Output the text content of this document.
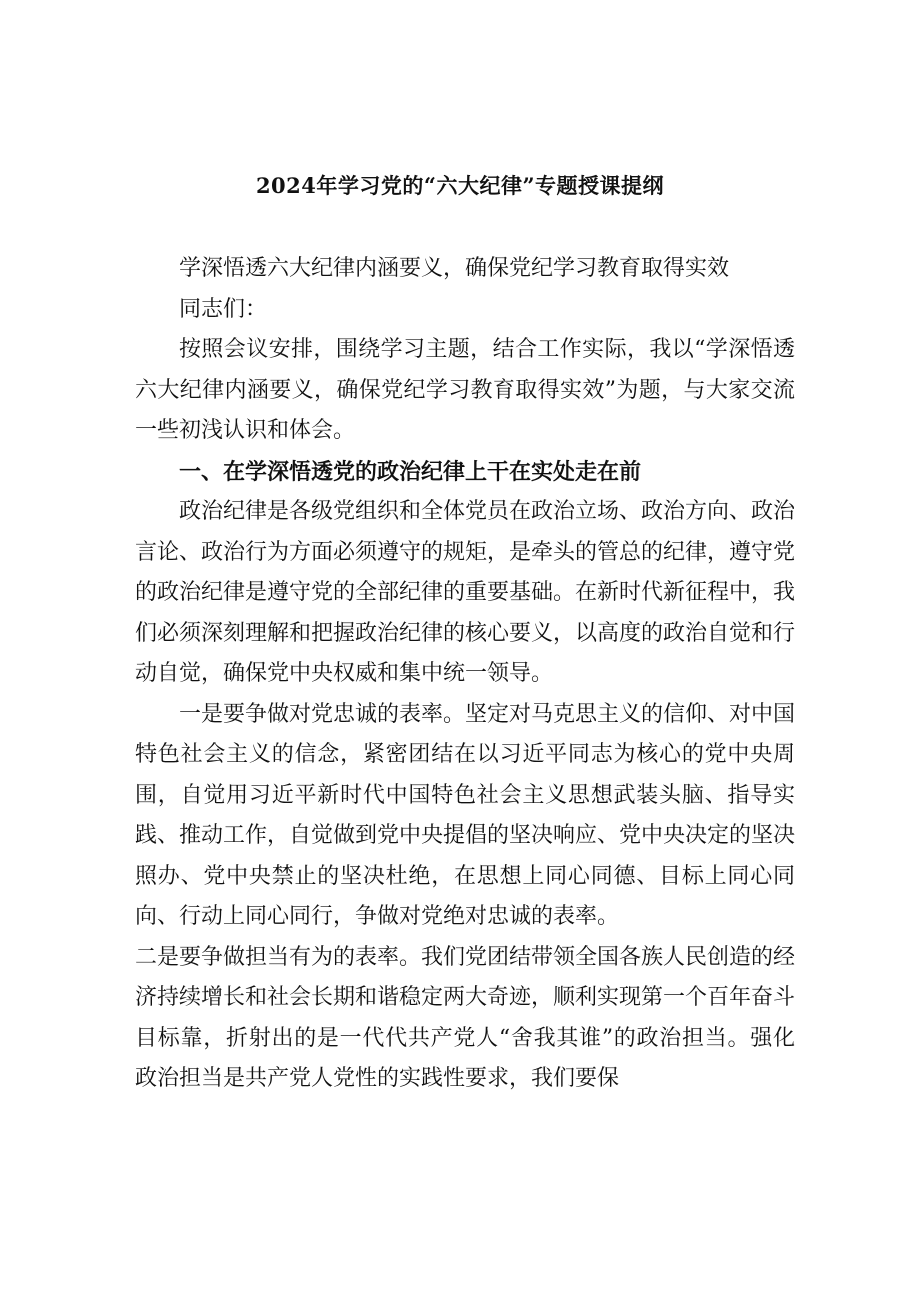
2024年学习党的“六大纪律”专题授课提纲

学深悟透六大纪律内涵要义，确保党纪学习教育取得实效

同志们：

按照会议安排，围绕学习主题，结合工作实际，我以“学深悟透六大纪律内涵要义，确保党纪学习教育取得实效”为题，与大家交流一些初浅认识和体会。

一、在学深悟透党的政治纪律上干在实处走在前

政治纪律是各级党组织和全体党员在政治立场、政治方向、政治言论、政治行为方面必须遵守的规矩，是牵头的管总的纪律，遵守党的政治纪律是遵守党的全部纪律的重要基础。在新时代新征程中，我们必须深刻理解和把握政治纪律的核心要义，以高度的政治自觉和行动自觉，确保党中央权威和集中统一领导。

一是要争做对党忠诚的表率。坚定对马克思主义的信仰、对中国特色社会主义的信念，紧密团结在以习近平同志为核心的党中央周围，自觉用习近平新时代中国特色社会主义思想武装头脑、指导实践、推动工作，自觉做到党中央提倡的坚决响应、党中央决定的坚决照办、党中央禁止的坚决杜绝，在思想上同心同德、目标上同心同向、行动上同心同行，争做对党绝对忠诚的表率。

二是要争做担当有为的表率。我们党团结带领全国各族人民创造的经济持续增长和社会长期和谐稳定两大奇迹，顺利实现第一个百年奋斗目标靠，折射出的是一代代共产党人“舍我其谁”的政治担当。强化政治担当是共产党人党性的实践性要求，我们要保
